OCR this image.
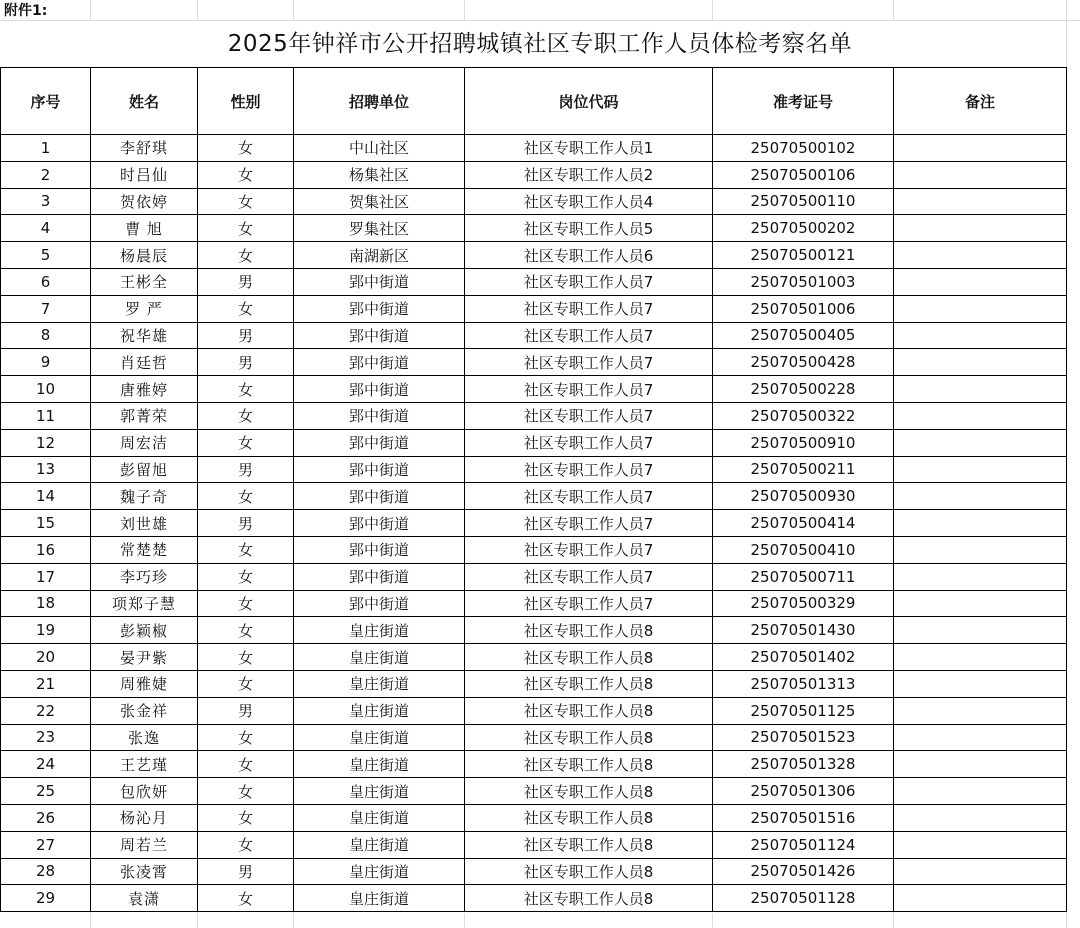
附件1:
2025年钟祥市公开招聘城镇社区专职工作人员体检考察名单
序号	姓名	性别	招聘单位	岗位代码	准考证号	备注
1	李舒琪	女	中山社区	社区专职工作人员1	25070500102	
2	时吕仙	女	杨集社区	社区专职工作人员2	25070500106	
3	贺依婷	女	贺集社区	社区专职工作人员4	25070500110	
4	曹 旭	女	罗集社区	社区专职工作人员5	25070500202	
5	杨晨辰	女	南湖新区	社区专职工作人员6	25070500121	
6	王彬全	男	郢中街道	社区专职工作人员7	25070501003	
7	罗 严	女	郢中街道	社区专职工作人员7	25070501006	
8	祝华雄	男	郢中街道	社区专职工作人员7	25070500405	
9	肖廷哲	男	郢中街道	社区专职工作人员7	25070500428	
10	唐雅婷	女	郢中街道	社区专职工作人员7	25070500228	
11	郭菁荣	女	郢中街道	社区专职工作人员7	25070500322	
12	周宏洁	女	郢中街道	社区专职工作人员7	25070500910	
13	彭留旭	男	郢中街道	社区专职工作人员7	25070500211	
14	魏子奇	女	郢中街道	社区专职工作人员7	25070500930	
15	刘世雄	男	郢中街道	社区专职工作人员7	25070500414	
16	常楚楚	女	郢中街道	社区专职工作人员7	25070500410	
17	李巧珍	女	郢中街道	社区专职工作人员7	25070500711	
18	项郑子慧	女	郢中街道	社区专职工作人员7	25070500329	
19	彭颖椒	女	皇庄街道	社区专职工作人员8	25070501430	
20	晏尹紫	女	皇庄街道	社区专职工作人员8	25070501402	
21	周雅婕	女	皇庄街道	社区专职工作人员8	25070501313	
22	张金祥	男	皇庄街道	社区专职工作人员8	25070501125	
23	张逸	女	皇庄街道	社区专职工作人员8	25070501523	
24	王艺瑾	女	皇庄街道	社区专职工作人员8	25070501328	
25	包欣妍	女	皇庄街道	社区专职工作人员8	25070501306	
26	杨沁月	女	皇庄街道	社区专职工作人员8	25070501516	
27	周若兰	女	皇庄街道	社区专职工作人员8	25070501124	
28	张凌霄	男	皇庄街道	社区专职工作人员8	25070501426	
29	袁潇	女	皇庄街道	社区专职工作人员8	25070501128	
